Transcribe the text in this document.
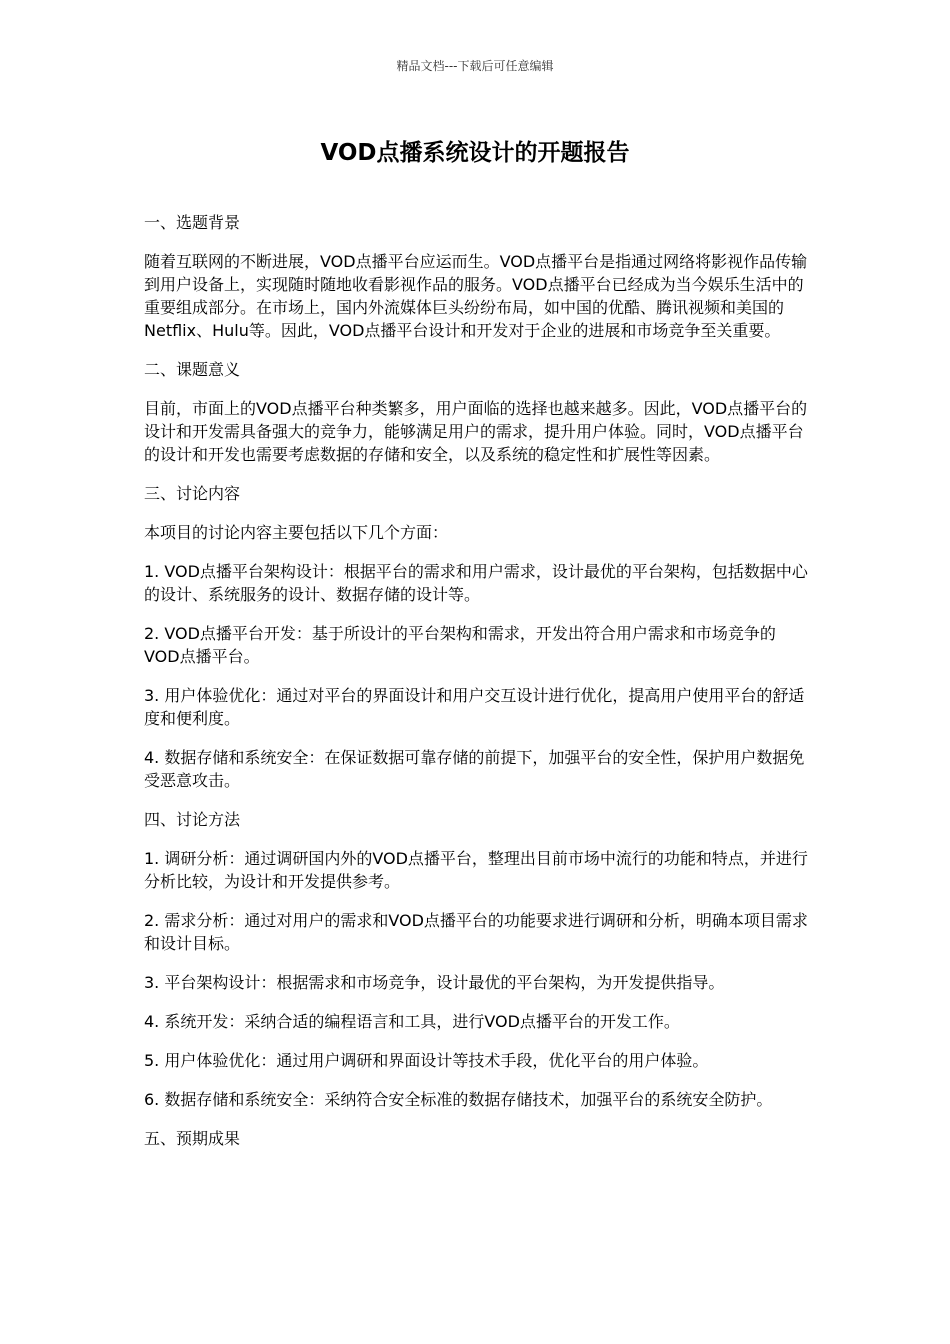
精品文档---下载后可任意编辑
VOD点播系统设计的开题报告
一、选题背景
随着互联网的不断进展，VOD点播平台应运而生。VOD点播平台是指通过网络将影视作品传输到用户设备上，实现随时随地收看影视作品的服务。VOD点播平台已经成为当今娱乐生活中的重要组成部分。在市场上，国内外流媒体巨头纷纷布局，如中国的优酷、腾讯视频和美国的Netflix、Hulu等。因此，VOD点播平台设计和开发对于企业的进展和市场竞争至关重要。
二、课题意义
目前，市面上的VOD点播平台种类繁多，用户面临的选择也越来越多。因此，VOD点播平台的设计和开发需具备强大的竞争力，能够满足用户的需求，提升用户体验。同时，VOD点播平台的设计和开发也需要考虑数据的存储和安全，以及系统的稳定性和扩展性等因素。
三、讨论内容
本项目的讨论内容主要包括以下几个方面：
1. VOD点播平台架构设计：根据平台的需求和用户需求，设计最优的平台架构，包括数据中心的设计、系统服务的设计、数据存储的设计等。
2. VOD点播平台开发：基于所设计的平台架构和需求，开发出符合用户需求和市场竞争的VOD点播平台。
3. 用户体验优化：通过对平台的界面设计和用户交互设计进行优化，提高用户使用平台的舒适度和便利度。
4. 数据存储和系统安全：在保证数据可靠存储的前提下，加强平台的安全性，保护用户数据免受恶意攻击。
四、讨论方法
1. 调研分析：通过调研国内外的VOD点播平台，整理出目前市场中流行的功能和特点，并进行分析比较，为设计和开发提供参考。
2. 需求分析：通过对用户的需求和VOD点播平台的功能要求进行调研和分析，明确本项目需求和设计目标。
3. 平台架构设计：根据需求和市场竞争，设计最优的平台架构，为开发提供指导。
4. 系统开发：采纳合适的编程语言和工具，进行VOD点播平台的开发工作。
5. 用户体验优化：通过用户调研和界面设计等技术手段，优化平台的用户体验。
6. 数据存储和系统安全：采纳符合安全标准的数据存储技术，加强平台的系统安全防护。
五、预期成果
